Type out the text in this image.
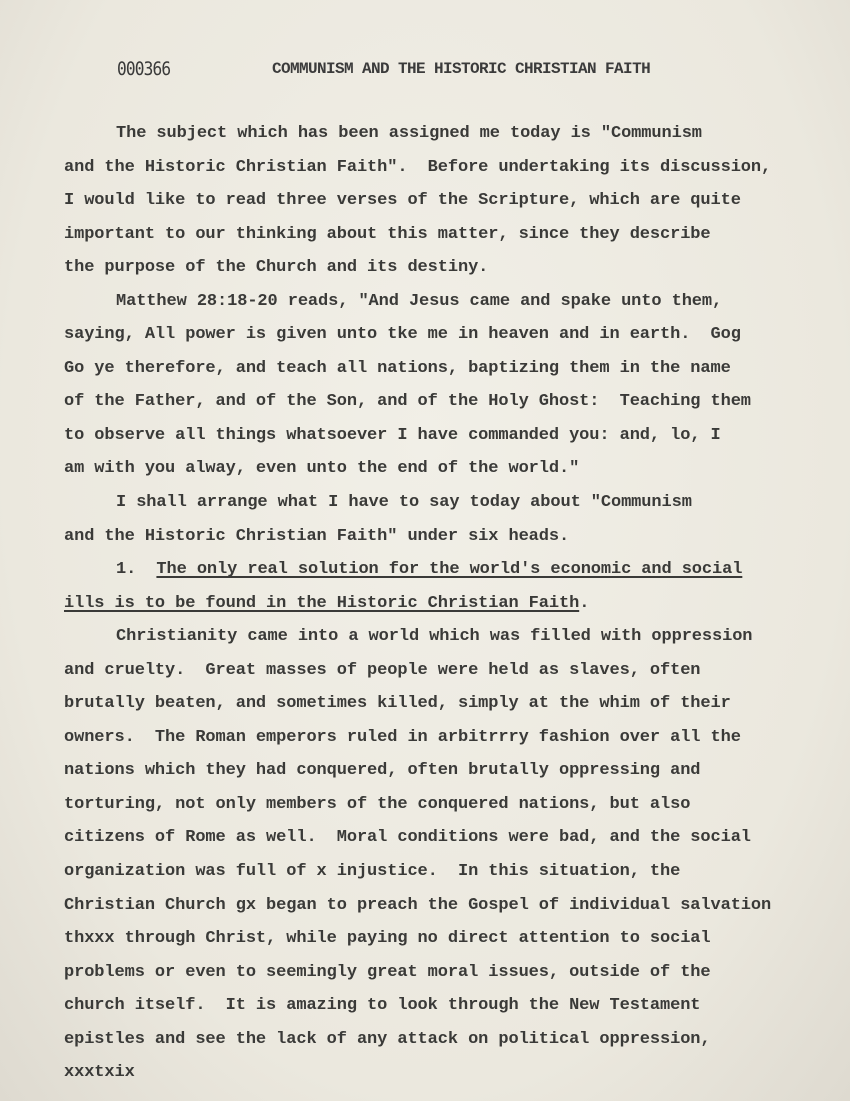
000366	COMMUNISM AND THE HISTORIC CHRISTIAN FAITH
The subject which has been assigned me today is "Communism
and the Historic Christian Faith".  Before undertaking its discussion,
I would like to read three verses of the Scripture, which are quite
important to our thinking about this matter, since they describe
the purpose of the Church and its destiny.
Matthew 28:18-20 reads, "And Jesus came and spake unto them,
saying, All power is given unto tke me in heaven and in earth.  Gog
Go ye therefore, and teach all nations, baptizing them in the name
of the Father, and of the Son, and of the Holy Ghost:  Teaching them
to observe all things whatsoever I have commanded you: and, lo, I
am with you alway, even unto the end of the world."
I shall arrange what I have to say today about "Communism
and the Historic Christian Faith" under six heads.
1.  The only real solution for the world's economic and social
ills is to be found in the Historic Christian Faith.
Christianity came into a world which was filled with oppression
and cruelty.  Great masses of people were held as slaves, often
brutally beaten, and sometimes killed, simply at the whim of their
owners.  The Roman emperors ruled in arbitrrry fashion over all the
nations which they had conquered, often brutally oppressing and
torturing, not only members of the conquered nations, but also
citizens of Rome as well.  Moral conditions were bad, and the social
organization was full of x injustice.  In this situation, the
Christian Church gx began to preach the Gospel of individual salvation
thxxx through Christ, while paying no direct attention to social
problems or even to seemingly great moral issues, outside of the
church itself.  It is amazing to look through the New Testament
epistles and see the lack of any attack on political oppression,
xxxtxix
